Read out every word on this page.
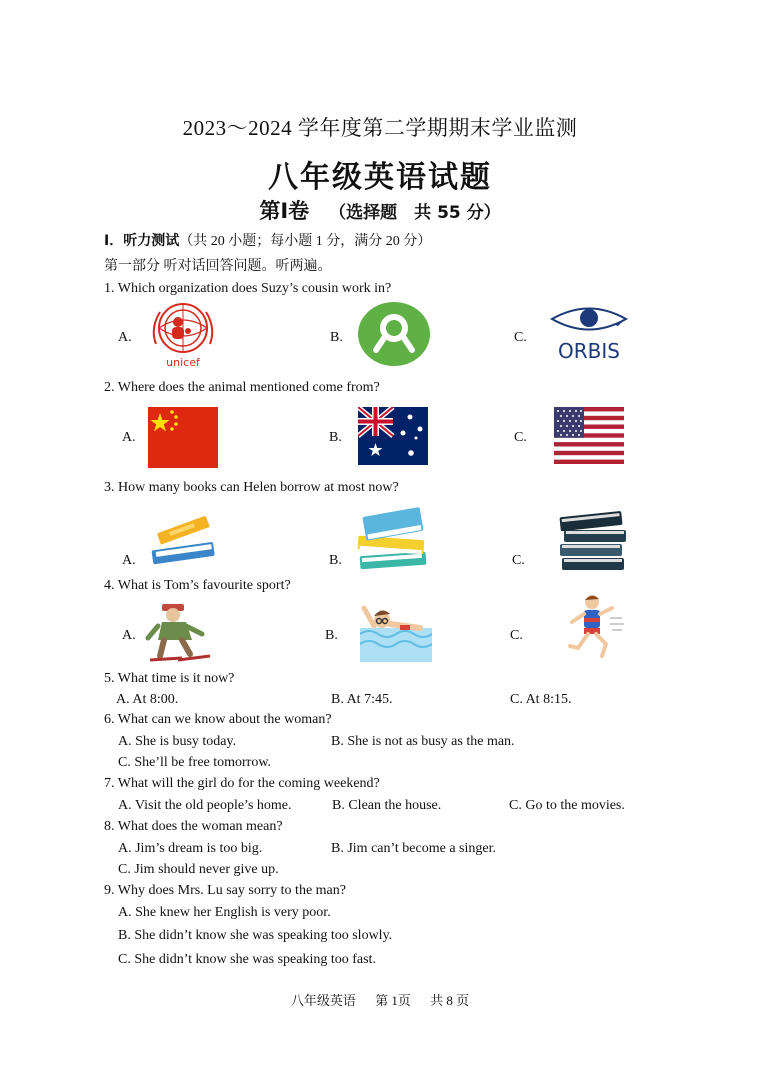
2023～2024 学年度第二学期期末学业监测
八年级英语试题
第Ⅰ卷 （选择题　共 55 分）
Ⅰ．听力测试（共 20 小题；每小题 1 分，满分 20 分）
第一部分 听对话回答问题。听两遍。
1. Which organization does Suzy’s cousin work in?
A.
unicef
B.	C.
ORBIS
2. Where does the animal mentioned come from?
A.	B.	C.
3. How many books can Helen borrow at most now?
A.	B.	C.
4. What is Tom’s favourite sport?
A.	B.	C.
5. What time is it now?
A. At 8:00.	B. At 7:45.	C. At 8:15.
6. What can we know about the woman?
A. She is busy today.	B. She is not as busy as the man.
C. She’ll be free tomorrow.
7. What will the girl do for the coming weekend?
A. Visit the old people’s home.	B. Clean the house.	C. Go to the movies.
8. What does the woman mean?
A. Jim’s dream is too big.	B. Jim can’t become a singer.
C. Jim should never give up.
9. Why does Mrs. Lu say sorry to the man?
A. She knew her English is very poor.
B. She didn’t know she was speaking too slowly.
C. She didn’t know she was speaking too fast.
八年级英语 第 1页 共 8 页
